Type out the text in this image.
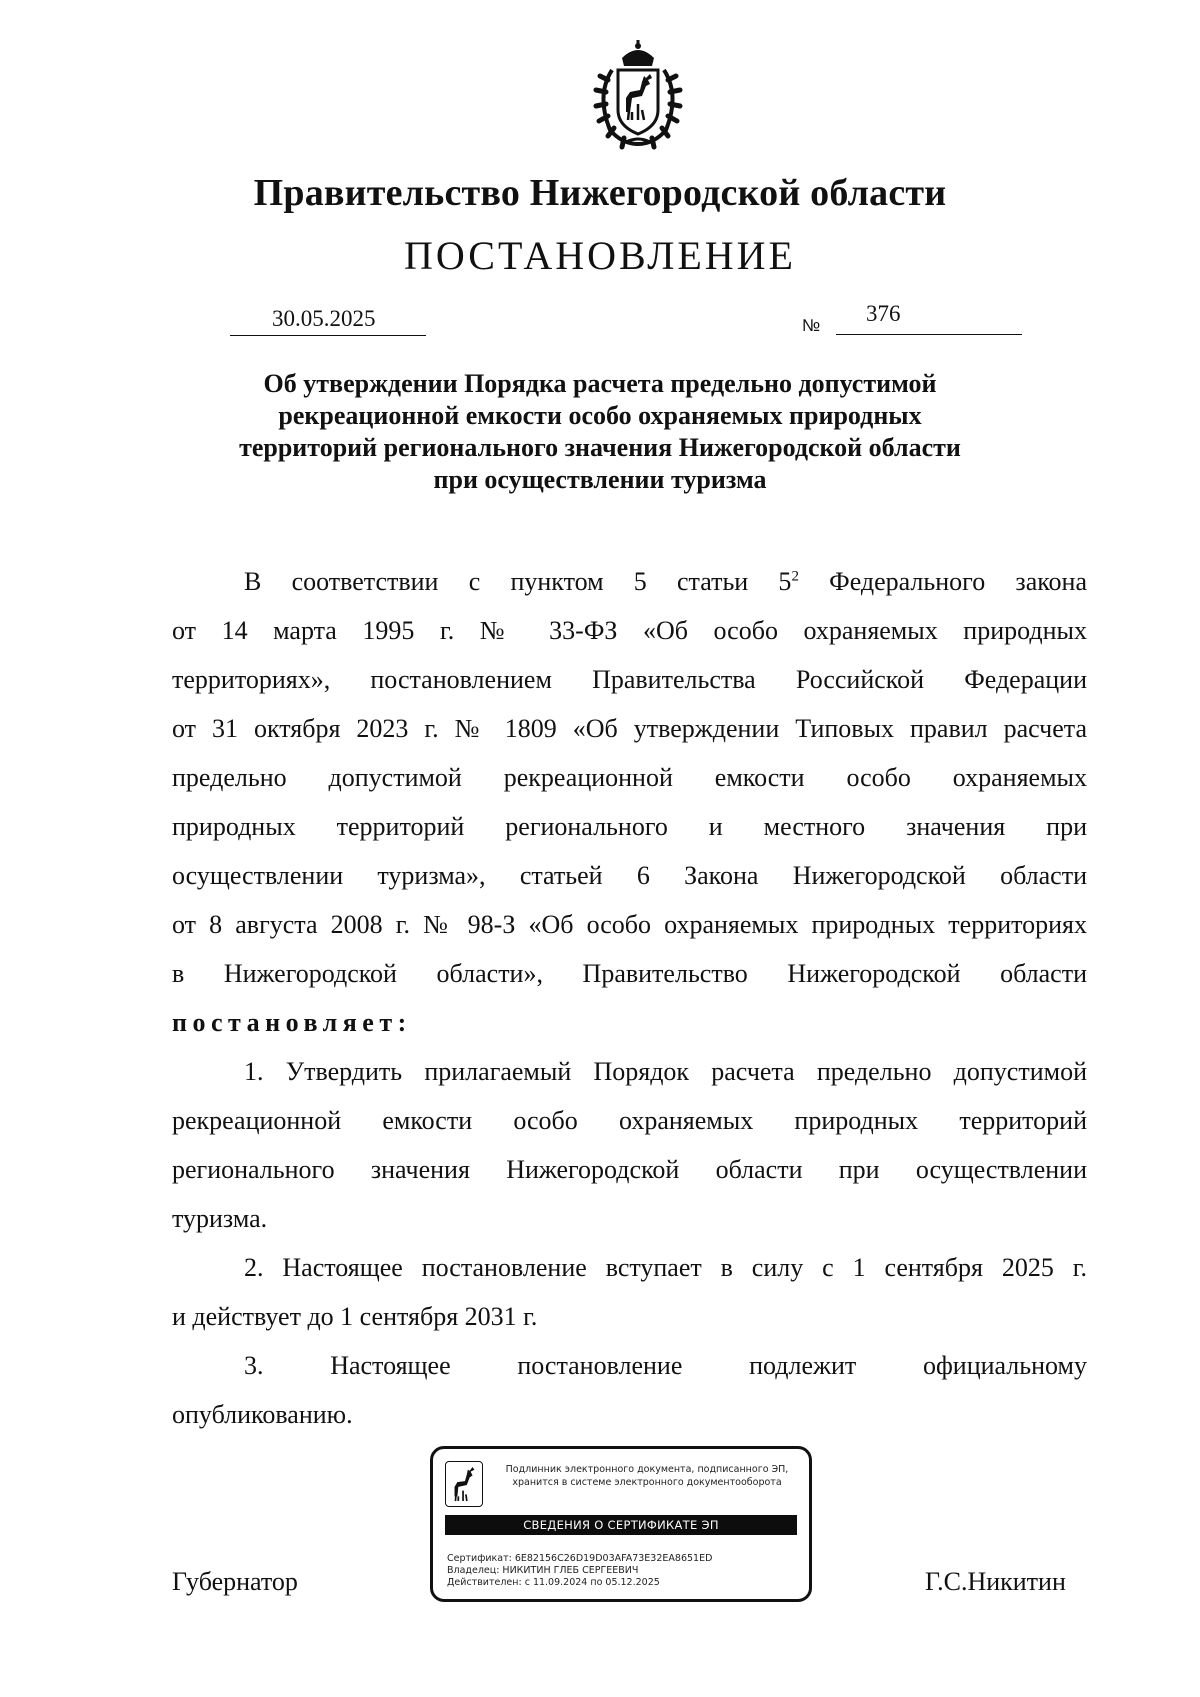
Правительство Нижегородской области
ПОСТАНОВЛЕНИЕ
30.05.2025	№ 376
Об утверждении Порядка расчета предельно допустимой
рекреационной емкости особо охраняемых природных
территорий регионального значения Нижегородской области
при осуществлении туризма
В соответствии с пунктом 5 статьи $5^2$ Федерального закона
от 14 марта 1995 г. № 33-ФЗ «Об особо охраняемых природных
территориях», постановлением Правительства Российской Федерации
от 31 октября 2023 г. № 1809 «Об утверждении Типовых правил расчета
предельно допустимой рекреационной емкости особо охраняемых
природных территорий регионального и местного значения при
осуществлении туризма», статьей 6 Закона Нижегородской области
от 8 августа 2008 г. № 98-З «Об особо охраняемых природных территориях
в Нижегородской области», Правительство Нижегородской области
постановляет:
1. Утвердить прилагаемый Порядок расчета предельно допустимой
рекреационной емкости особо охраняемых природных территорий
регионального значения Нижегородской области при осуществлении
туризма.
2. Настоящее постановление вступает в силу с 1 сентября 2025 г.
и действует до 1 сентября 2031 г.
3. Настоящее постановление подлежит официальному
опубликованию.
Подлинник электронного документа, подписанного ЭП,
хранится в системе электронного документооборота
СВЕДЕНИЯ О СЕРТИФИКАТЕ ЭП
Сертификат: 6E82156C26D19D03AFA73E32EA8651ED
Владелец: НИКИТИН ГЛЕБ СЕРГЕЕВИЧ
Действителен: с 11.09.2024 по 05.12.2025
Губернатор	Г.С.Никитин
